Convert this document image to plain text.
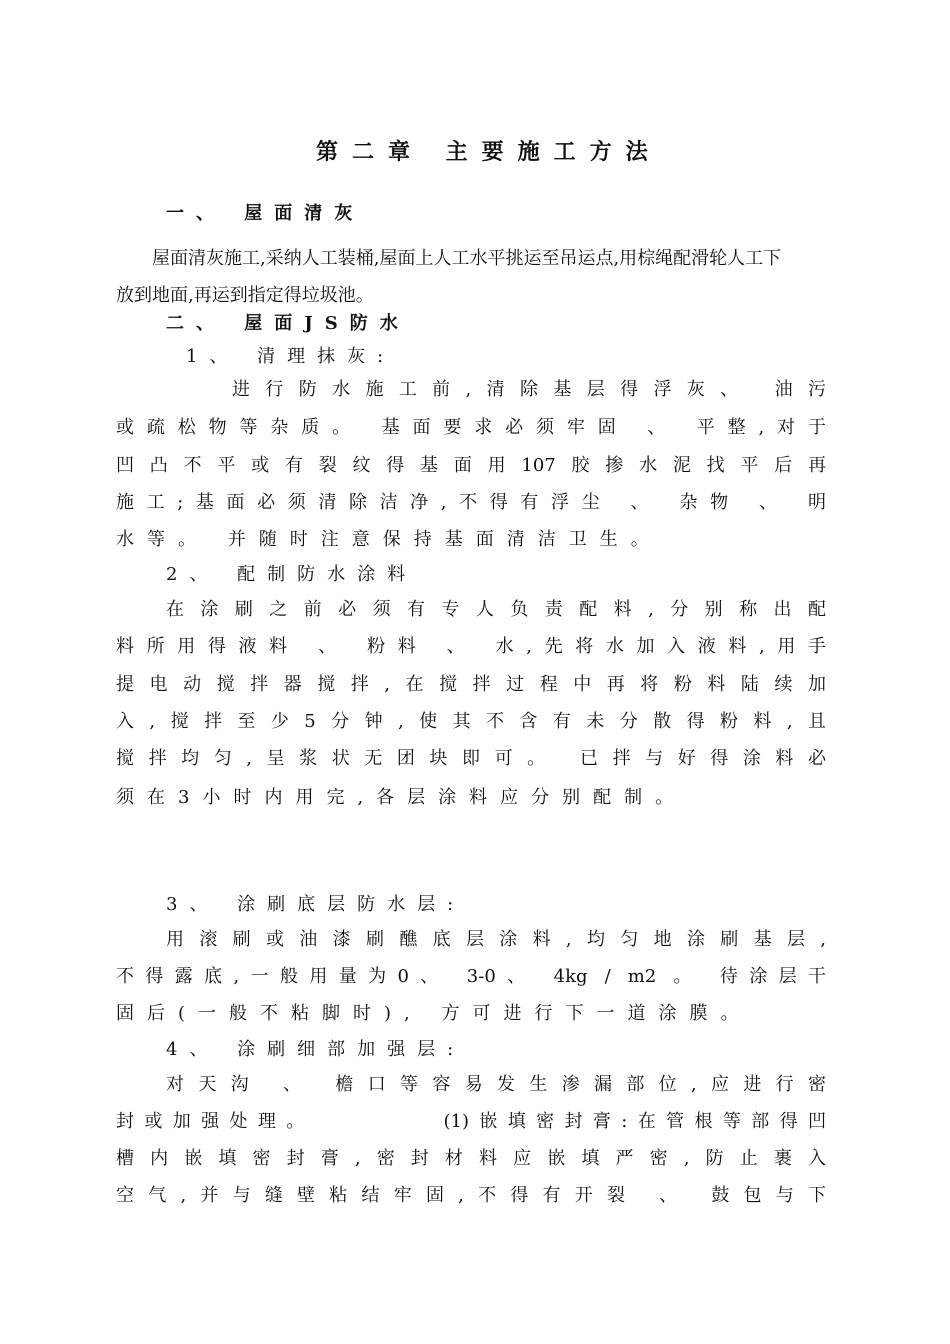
第二章 主要施工方法
一、 屋面清灰
屋面清灰施工,采纳人工装桶,屋面上人工水平挑运至吊运点,用棕绳配滑轮人工下
放到地面,再运到指定得垃圾池。
二、 屋面JS防水
1、 清理抹灰:
进行防水施工前,清除基层得浮灰、 油污
或疏松物等杂质。 基面要求必须牢固 、 平整,对于
凹凸不平或有裂纹得基面用107胶掺水泥找平后再
施工;基面必须清除洁净,不得有浮尘 、 杂物 、 明
水等。 并随时注意保持基面清洁卫生。
2、 配制防水涂料
在涂刷之前必须有专人负责配料,分别称出配
料所用得液料 、 粉料 、 水,先将水加入液料,用手
提电动搅拌器搅拌,在搅拌过程中再将粉料陆续加
入,搅拌至少5分钟,使其不含有未分散得粉料,且
搅拌均匀,呈浆状无团块即可。 已拌与好得涂料必
须在3小时内用完,各层涂料应分别配制。
3、 涂刷底层防水层:
用滚刷或油漆刷醮底层涂料,均匀地涂刷基层,
不得露底,一般用量为0、 3-0、 4kg / m2 。 待涂层干
固后(一般不粘脚时), 方可进行下一道涂膜。
4、 涂刷细部加强层:
对天沟 、 檐口等容易发生渗漏部位,应进行密
封或加强处理。        (1)嵌填密封膏:在管根等部得凹
槽内嵌填密封膏,密封材料应嵌填严密,防止裹入
空气,并与缝壁粘结牢固,不得有开裂 、 鼓包与下
